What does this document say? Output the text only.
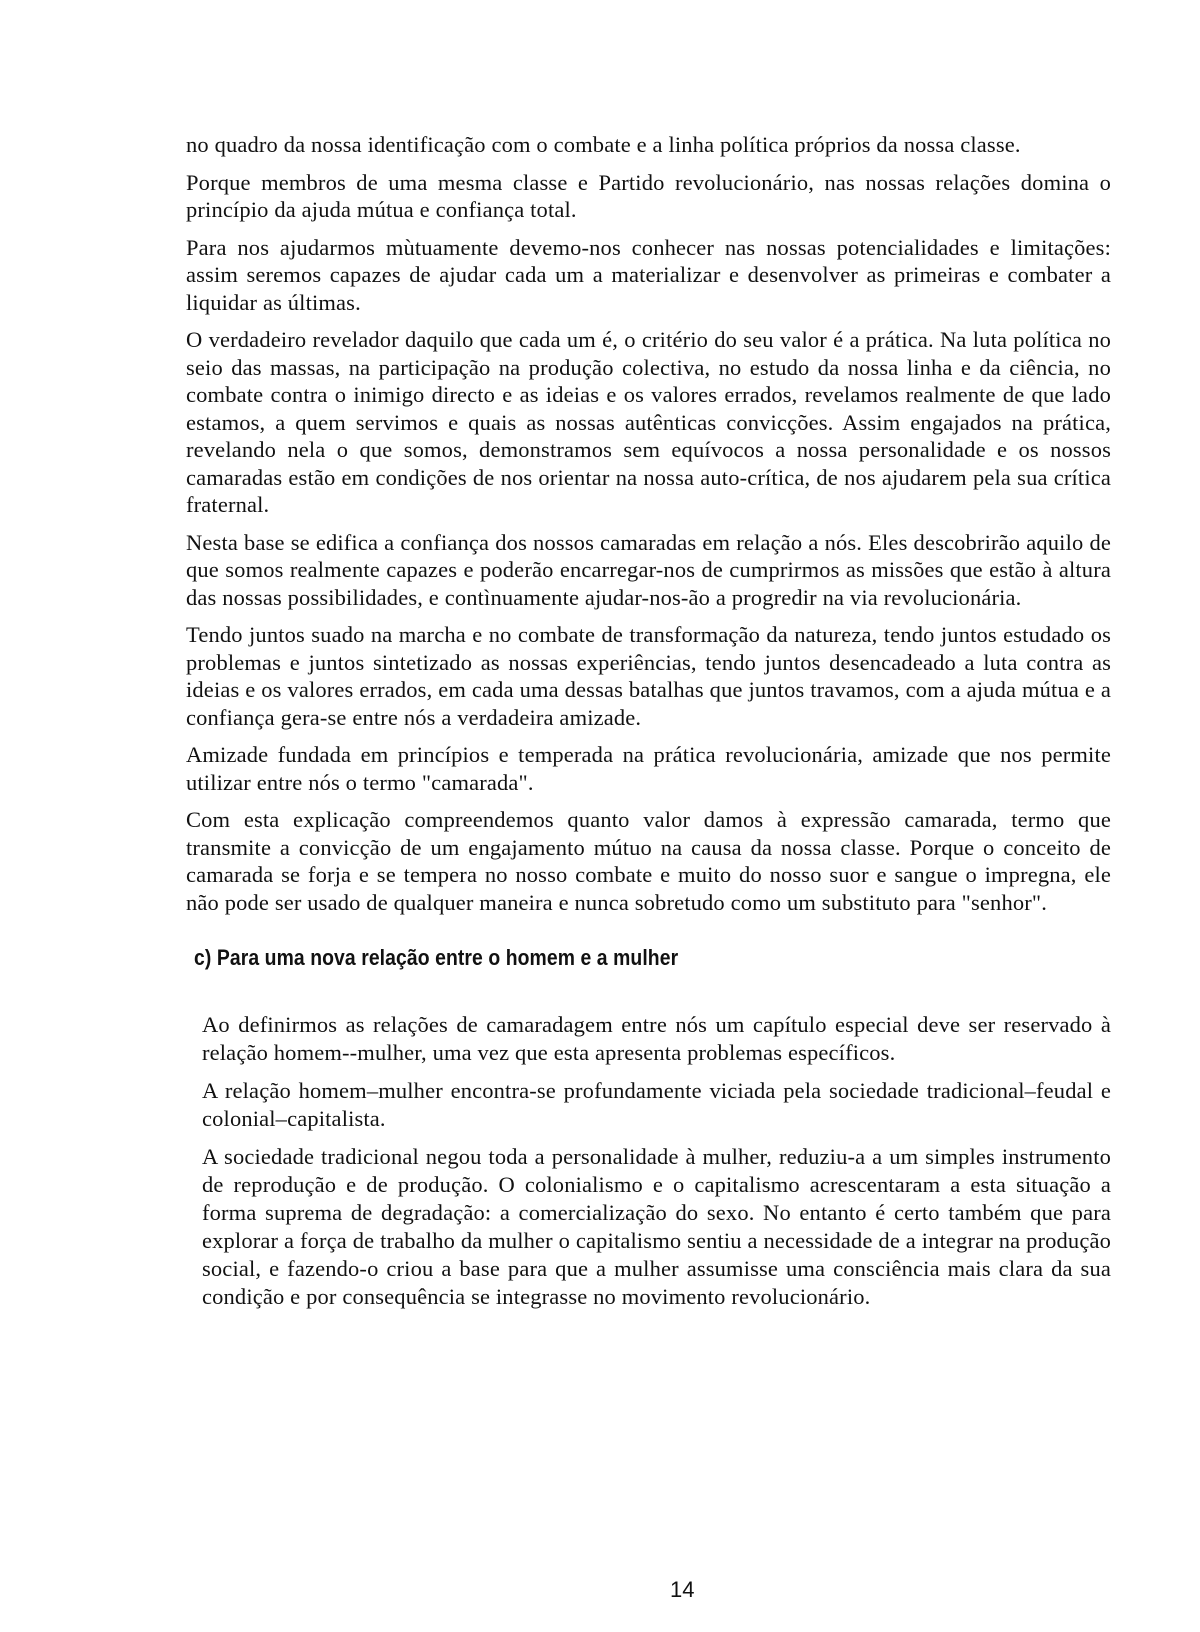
no quadro da nossa identificação com o combate e a linha política próprios da nossa classe.

Porque membros de uma mesma classe e Partido revolucionário, nas nossas relações domina o princípio da ajuda mútua e confiança total.

Para nos ajudarmos mùtuamente devemo-nos conhecer nas nossas potencialidades e limitações: assim seremos capazes de ajudar cada um a materializar e desenvolver as primeiras e combater a liquidar as últimas.

O verdadeiro revelador daquilo que cada um é, o critério do seu valor é a prática. Na luta política no seio das massas, na participação na produção colectiva, no estudo da nossa linha e da ciência, no combate contra o inimigo directo e as ideias e os valores errados, revelamos realmente de que lado estamos, a quem servimos e quais as nossas autênticas convicções. Assim engajados na prática, revelando nela o que somos, demonstramos sem equívocos a nossa personalidade e os nossos camaradas estão em condições de nos orientar na nossa auto-crítica, de nos ajudarem pela sua crítica fraternal.

Nesta base se edifica a confiança dos nossos camaradas em relação a nós. Eles descobrirão aquilo de que somos realmente capazes e poderão encarregar-nos de cumprirmos as missões que estão à altura das nossas possibilidades, e contìnuamente ajudar-nos-ão a progredir na via revolucionária.

Tendo juntos suado na marcha e no combate de transformação da natureza, tendo juntos estudado os problemas e juntos sintetizado as nossas experiências, tendo juntos desencadeado a luta contra as ideias e os valores errados, em cada uma dessas batalhas que juntos travamos, com a ajuda mútua e a confiança gera-se entre nós a verdadeira amizade.

Amizade fundada em princípios e temperada na prática revolucionária, amizade que nos permite utilizar entre nós o termo "camarada".

Com esta explicação compreendemos quanto valor damos à expressão camarada, termo que transmite a convicção de um engajamento mútuo na causa da nossa classe. Porque o conceito de camarada se forja e se tempera no nosso combate e muito do nosso suor e sangue o impregna, ele não pode ser usado de qualquer maneira e nunca sobretudo como um substituto para "senhor".

c) Para uma nova relação entre o homem e a mulher

Ao definirmos as relações de camaradagem entre nós um capítulo especial deve ser reservado à relação homem--mulher, uma vez que esta apresenta problemas específicos.

A relação homem–mulher encontra-se profundamente viciada pela sociedade tradicional–feudal e colonial–capitalista.

A sociedade tradicional negou toda a personalidade à mulher, reduziu-a a um simples instrumento de reprodução e de produção. O colonialismo e o capitalismo acrescentaram a esta situação a forma suprema de degradação: a comercialização do sexo. No entanto é certo também que para explorar a força de trabalho da mulher o capitalismo sentiu a necessidade de a integrar na produção social, e fazendo-o criou a base para que a mulher assumisse uma consciência mais clara da sua condição e por consequência se integrasse no movimento revolucionário.

14
